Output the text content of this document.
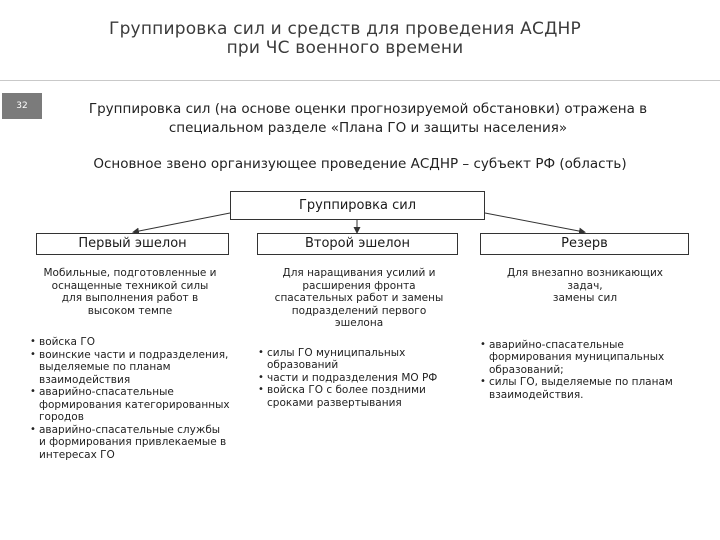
Группировка сил и средств для проведения АСДНР
при ЧС военного времени
32	Группировка сил (на основе оценки прогнозируемой обстановки) отражена в
специальном разделе «Плана ГО и защиты населения»
Основное звено организующее проведение АСДНР – субъект РФ (область)
Группировка сил
Первый эшелон	Второй эшелон	Резерв
Мобильные, подготовленные и
оснащенные техникой силы
для выполнения работ в
высоком темпе
• войска ГО
• воинские части и подразделения, выделяемые по планам взаимодействия
• аварийно-спасательные формирования категорированных городов
• аварийно-спасательные службы и формирования привлекаемые в интересах ГО
Для наращивания усилий и
расширения фронта
спасательных работ и замены
подразделений первого
эшелона
• силы ГО муниципальных образований
• части и подразделения МО РФ
• войска ГО с более поздними сроками развертывания
Для внезапно возникающих
задач,
замены сил
• аварийно-спасательные формирования муниципальных образований;
• силы ГО, выделяемые по планам взаимодействия.
